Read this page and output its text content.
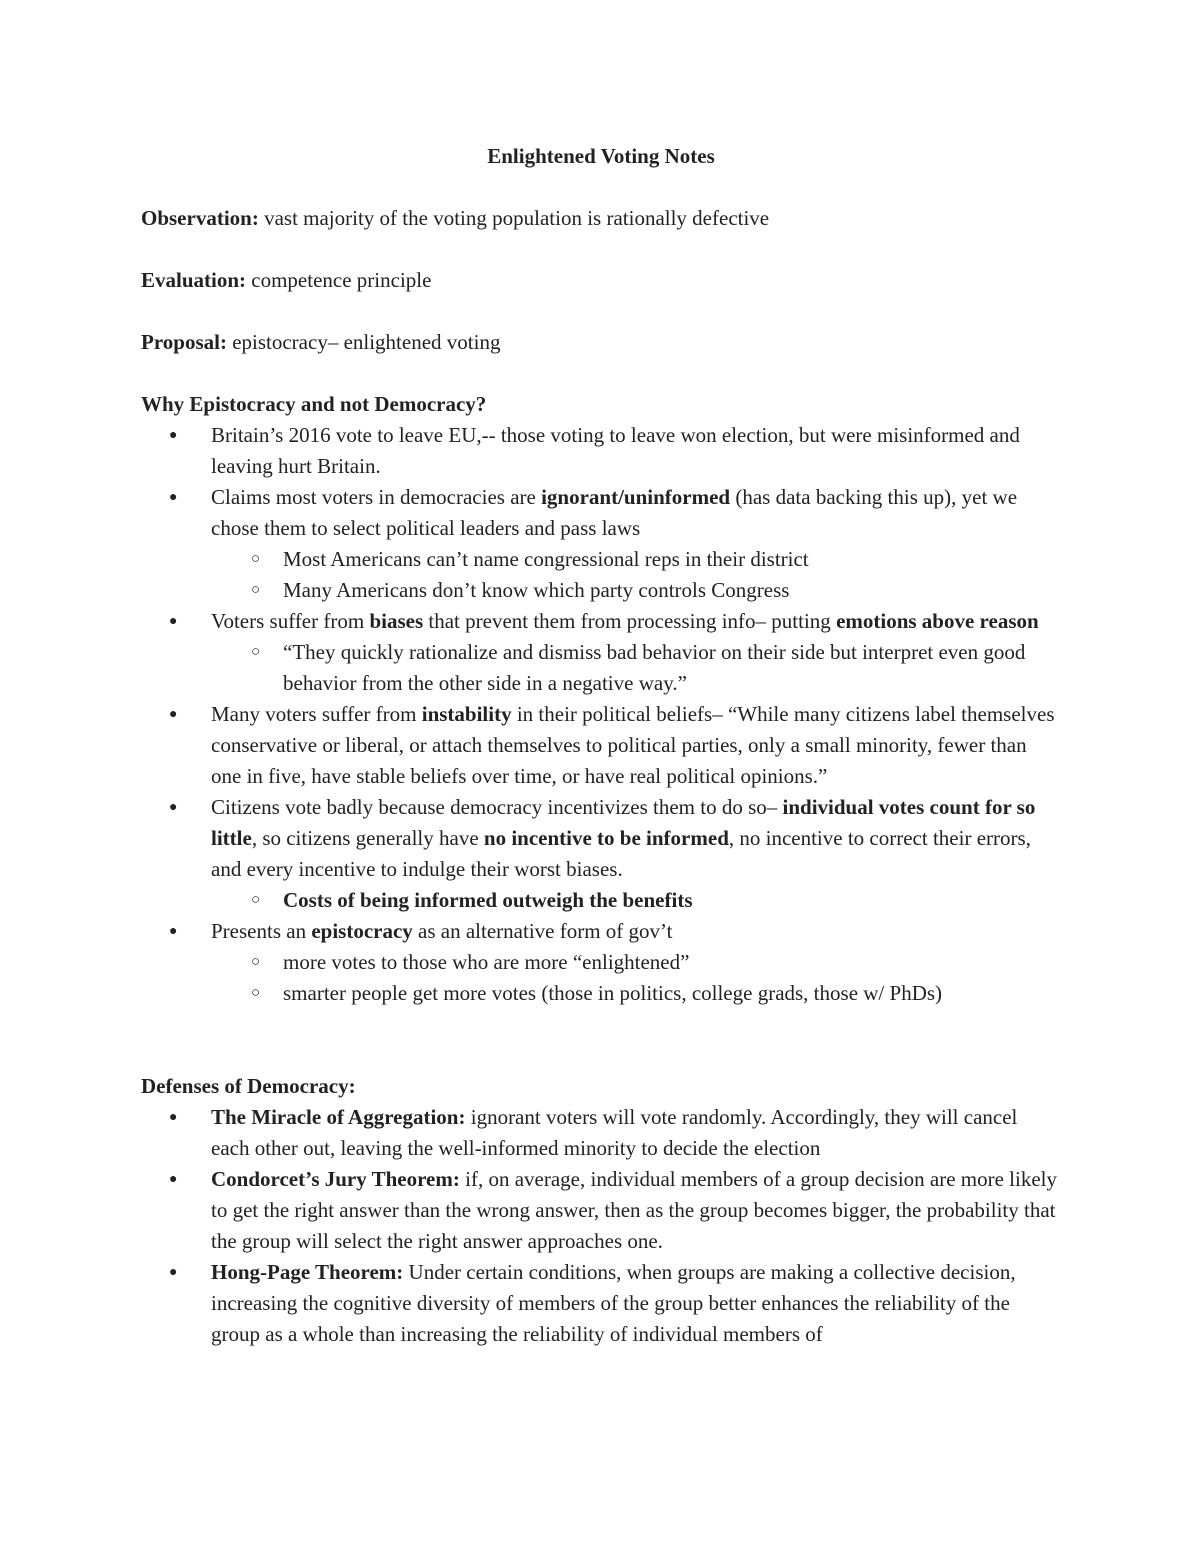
Enlightened Voting Notes
Observation: vast majority of the voting population is rationally defective
Evaluation: competence principle
Proposal: epistocracy– enlightened voting
Why Epistocracy and not Democracy?
● Britain’s 2016 vote to leave EU,-- those voting to leave won election, but were misinformed and leaving hurt Britain.
● Claims most voters in democracies are ignorant/uninformed (has data backing this up), yet we chose them to select political leaders and pass laws
○ Most Americans can’t name congressional reps in their district
○ Many Americans don’t know which party controls Congress
● Voters suffer from biases that prevent them from processing info– putting emotions above reason
○ “They quickly rationalize and dismiss bad behavior on their side but interpret even good behavior from the other side in a negative way.”
● Many voters suffer from instability in their political beliefs– “While many citizens label themselves conservative or liberal, or attach themselves to political parties, only a small minority, fewer than one in five, have stable beliefs over time, or have real political opinions.”
● Citizens vote badly because democracy incentivizes them to do so– individual votes count for so little, so citizens generally have no incentive to be informed, no incentive to correct their errors, and every incentive to indulge their worst biases.
○ Costs of being informed outweigh the benefits
● Presents an epistocracy as an alternative form of gov’t
○ more votes to those who are more “enlightened”
○ smarter people get more votes (those in politics, college grads, those w/ PhDs)
Defenses of Democracy:
● The Miracle of Aggregation: ignorant voters will vote randomly. Accordingly, they will cancel each other out, leaving the well-informed minority to decide the election
● Condorcet’s Jury Theorem: if, on average, individual members of a group decision are more likely to get the right answer than the wrong answer, then as the group becomes bigger, the probability that the group will select the right answer approaches one.
● Hong-Page Theorem: Under certain conditions, when groups are making a collective decision, increasing the cognitive diversity of members of the group better enhances the reliability of the group as a whole than increasing the reliability of individual members of
